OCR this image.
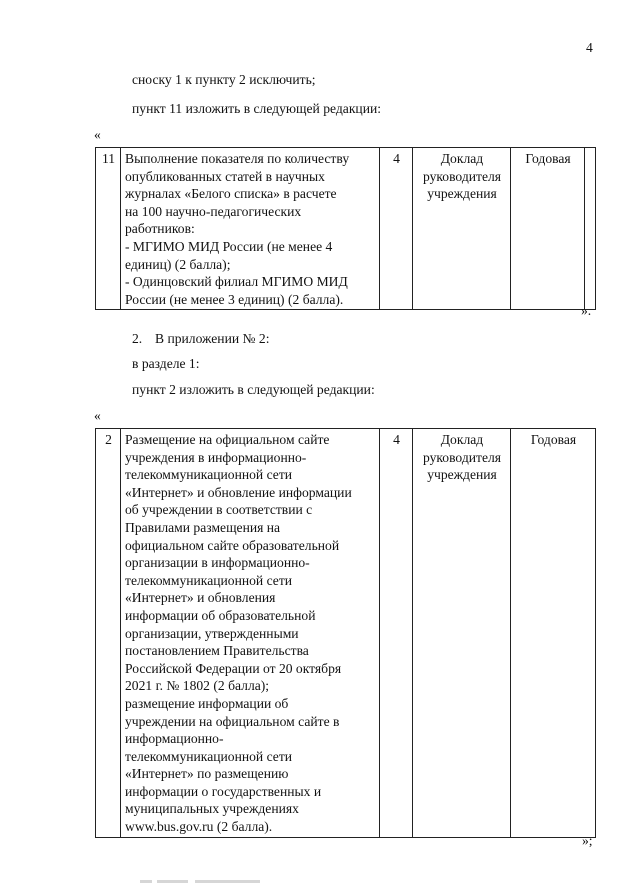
4
сноску 1 к пункту 2 исключить;
пункт 11 изложить в следующей редакции:
«
11	Выполнение показателя по количеству
опубликованных статей в научных
журналах «Белого списка» в расчете
на 100 научно-педагогических
работников:
- МГИМО МИД России (не менее 4
единиц) (2 балла);
- Одинцовский филиал МГИМО МИД
России (не менее 3 единиц) (2 балла).
	4	Доклад
руководителя
учреждения
	Годовая	
».
2. В приложении № 2:
в разделе 1:
пункт 2 изложить в следующей редакции:
«
2	Размещение на официальном сайте
учреждения в информационно-
телекоммуникационной сети
«Интернет» и обновление информации
об учреждении в соответствии с
Правилами размещения на
официальном сайте образовательной
организации в информационно-
телекоммуникационной сети
«Интернет» и обновления
информации об образовательной
организации, утвержденными
постановлением Правительства
Российской Федерации от 20 октября
2021 г. № 1802 (2 балла);
размещение информации об
учреждении на официальном сайте в
информационно-
телекоммуникационной сети
«Интернет» по размещению
информации о государственных и
муниципальных учреждениях
www.bus.gov.ru (2 балла).
	4	Доклад
руководителя
учреждения
	Годовая
»;
